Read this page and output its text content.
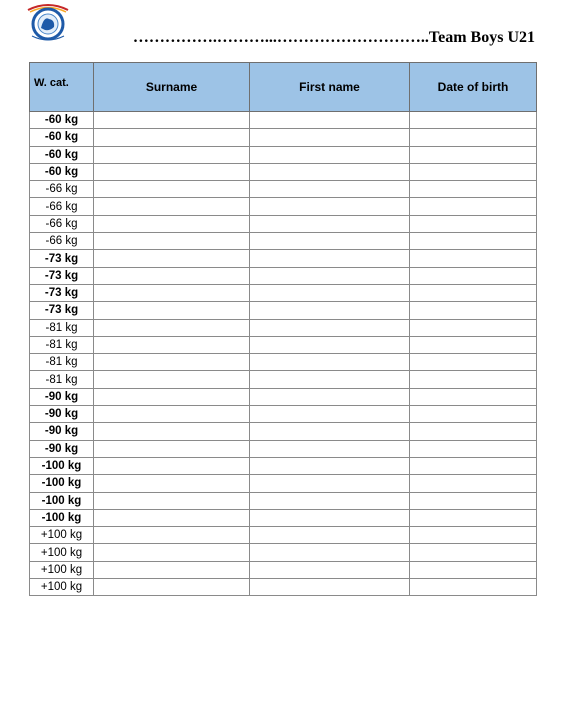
…………….………...………………………..Team Boys U21
W. cat.	Surname	First name	Date of birth
-60 kg			
-60 kg			
-60 kg			
-60 kg			
-66 kg			
-66 kg			
-66 kg			
-66 kg			
-73 kg			
-73 kg			
-73 kg			
-73 kg			
-81 kg			
-81 kg			
-81 kg			
-81 kg			
-90 kg			
-90 kg			
-90 kg			
-90 kg			
-100 kg			
-100 kg			
-100 kg			
-100 kg			
+100 kg			
+100 kg			
+100 kg			
+100 kg			
